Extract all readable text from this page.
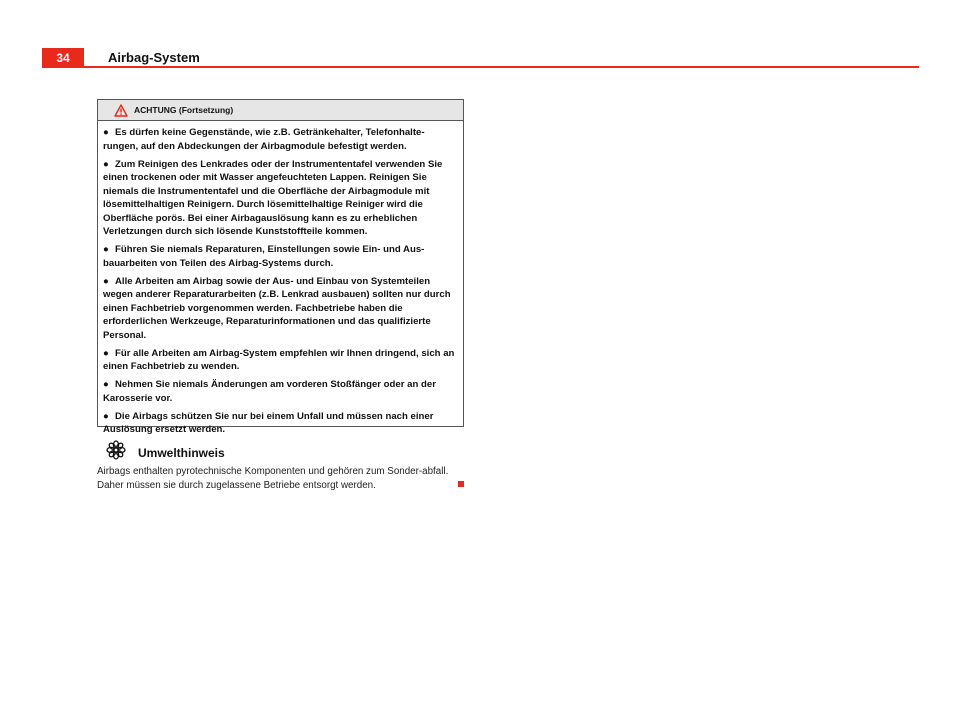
34	Airbag-System
ACHTUNG (Fortsetzung)
● Es dürfen keine Gegenstände, wie z.B. Getränkehalter, Telefonhalte-rungen, auf den Abdeckungen der Airbagmodule befestigt werden.
● Zum Reinigen des Lenkrades oder der Instrumententafel verwenden Sie einen trockenen oder mit Wasser angefeuchteten Lappen. Reinigen Sie niemals die Instrumententafel und die Oberfläche der Airbagmodule mit lösemittelhaltigen Reinigern. Durch lösemittelhaltige Reiniger wird die Oberfläche porös. Bei einer Airbagauslösung kann es zu erheblichen Verletzungen durch sich lösende Kunststoffteile kommen.
● Führen Sie niemals Reparaturen, Einstellungen sowie Ein- und Aus-bauarbeiten von Teilen des Airbag-Systems durch.
● Alle Arbeiten am Airbag sowie der Aus- und Einbau von Systemteilen wegen anderer Reparaturarbeiten (z.B. Lenkrad ausbauen) sollten nur durch einen Fachbetrieb vorgenommen werden. Fachbetriebe haben die erforderlichen Werkzeuge, Reparaturinformationen und das qualifizierte Personal.
● Für alle Arbeiten am Airbag-System empfehlen wir Ihnen dringend, sich an einen Fachbetrieb zu wenden.
● Nehmen Sie niemals Änderungen am vorderen Stoßfänger oder an der Karosserie vor.
● Die Airbags schützen Sie nur bei einem Unfall und müssen nach einer Auslösung ersetzt werden.
Umwelthinweis
Airbags enthalten pyrotechnische Komponenten und gehören zum Sonder-abfall. Daher müssen sie durch zugelassene Betriebe entsorgt werden.
